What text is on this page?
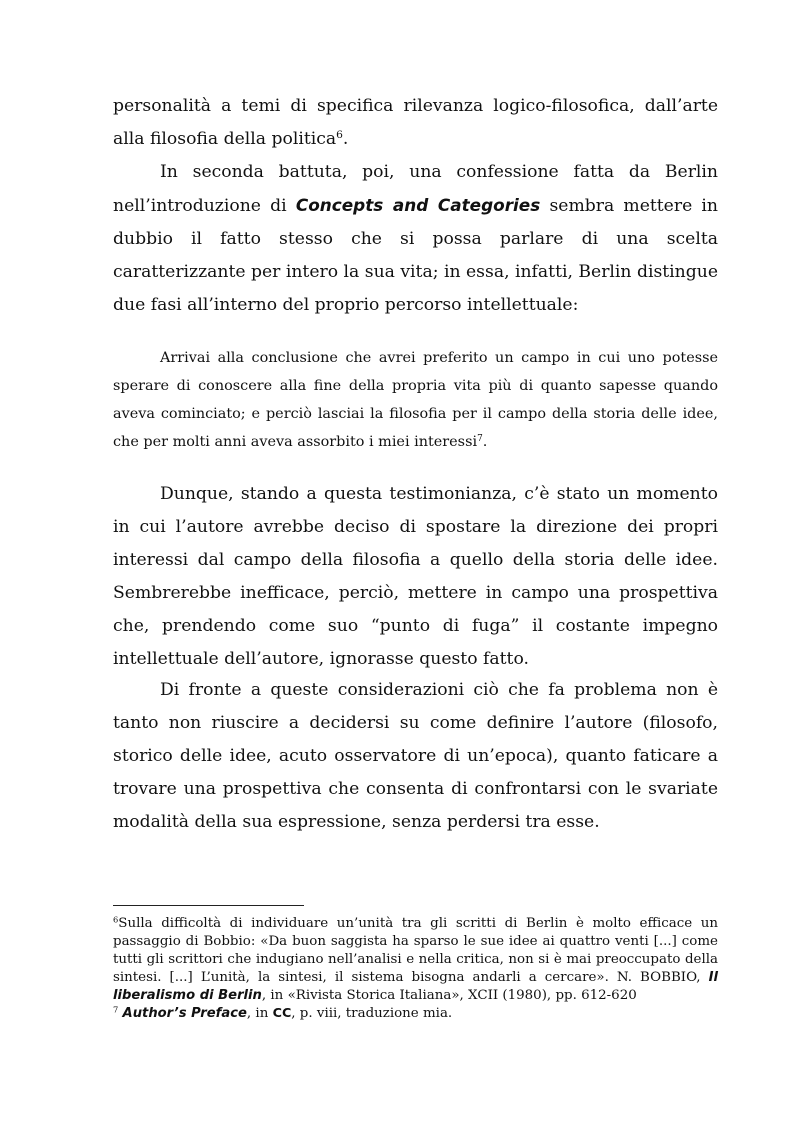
personalità a temi di specifica rilevanza logico-filosofica, dall’arte alla filosofia della politica$^6$.

In seconda battuta, poi, una confessione fatta da Berlin nell’introduzione di Concepts and Categories sembra mettere in dubbio il fatto stesso che si possa parlare di una scelta caratterizzante per intero la sua vita; in essa, infatti, Berlin distingue due fasi all’interno del proprio percorso intellettuale:

Arrivai alla conclusione che avrei preferito un campo in cui uno potesse sperare di conoscere alla fine della propria vita più di quanto sapesse quando aveva cominciato; e perciò lasciai la filosofia per il campo della storia delle idee, che per molti anni aveva assorbito i miei interessi$^7$.

Dunque, stando a questa testimonianza, c’è stato un momento in cui l’autore avrebbe deciso di spostare la direzione dei propri interessi dal campo della filosofia a quello della storia delle idee. Sembrerebbe inefficace, perciò, mettere in campo una prospettiva che, prendendo come suo “punto di fuga” il costante impegno intellettuale dell’autore, ignorasse questo fatto.

Di fronte a queste considerazioni ciò che fa problema non è tanto non riuscire a decidersi su come definire l’autore (filosofo, storico delle idee, acuto osservatore di un’epoca), quanto faticare a trovare una prospettiva che consenta di confrontarsi con le svariate modalità della sua espressione, senza perdersi tra esse.

$^6$Sulla difficoltà di individuare un’unità tra gli scritti di Berlin è molto efficace un passaggio di Bobbio: «Da buon saggista ha sparso le sue idee ai quattro venti [...] come tutti gli scrittori che indugiano nell’analisi e nella critica, non si è mai preoccupato della sintesi. [...] L’unità, la sintesi, il sistema bisogna andarli a cercare». N. BOBBIO, Il liberalismo di Berlin, in «Rivista Storica Italiana», XCII (1980), pp. 612-620

$^7$ Author’s Preface, in CC, p. viii, traduzione mia.
